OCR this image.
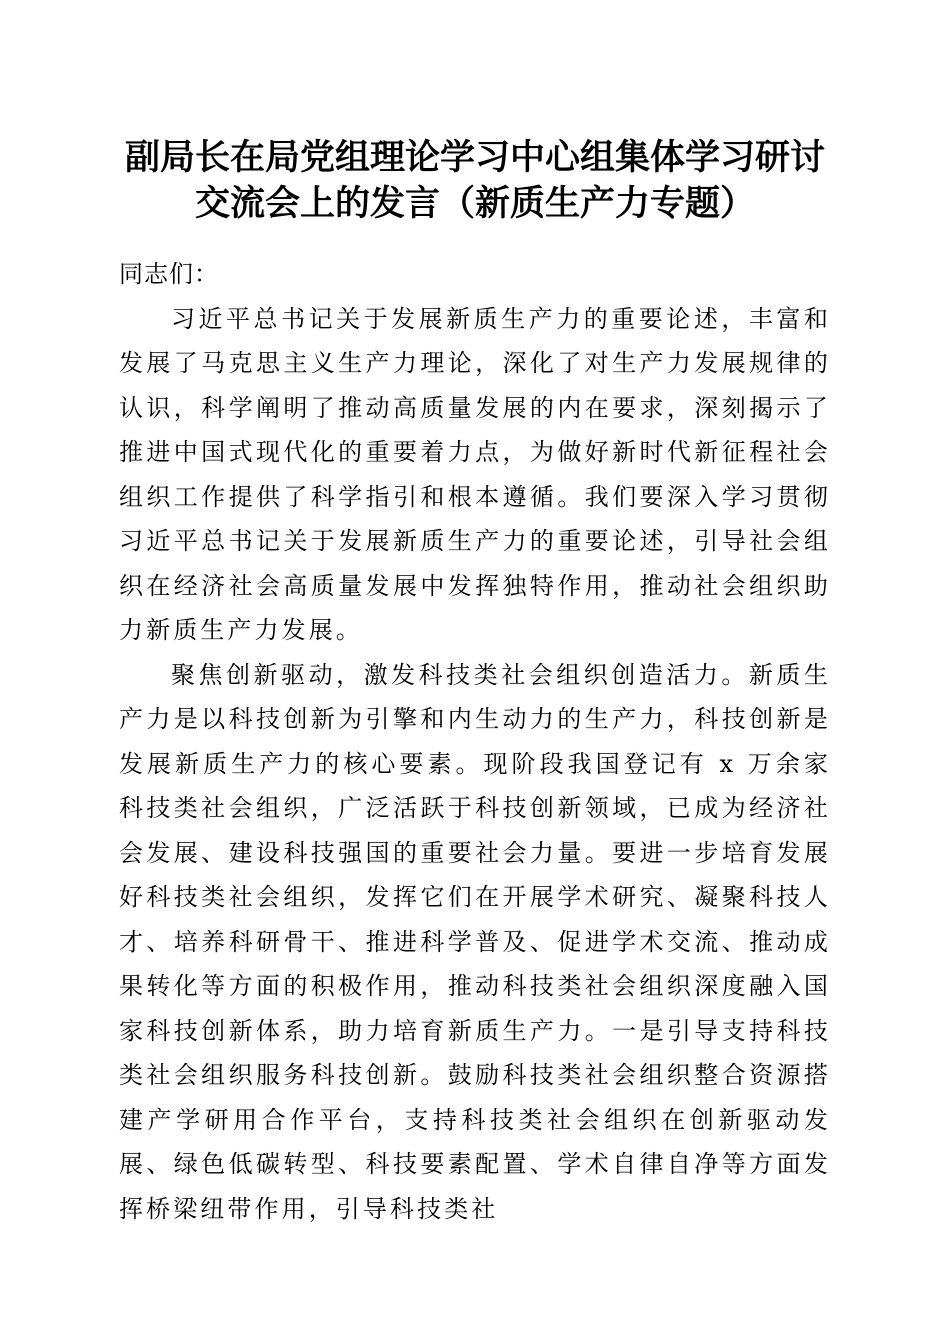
副局长在局党组理论学习中心组集体学习研讨
交流会上的发言（新质生产力专题）

同志们：

习近平总书记关于发展新质生产力的重要论述，丰富和发展了马克思主义生产力理论，深化了对生产力发展规律的认识，科学阐明了推动高质量发展的内在要求，深刻揭示了推进中国式现代化的重要着力点，为做好新时代新征程社会组织工作提供了科学指引和根本遵循。我们要深入学习贯彻习近平总书记关于发展新质生产力的重要论述，引导社会组织在经济社会高质量发展中发挥独特作用，推动社会组织助力新质生产力发展。

聚焦创新驱动，激发科技类社会组织创造活力。新质生产力是以科技创新为引擎和内生动力的生产力，科技创新是发展新质生产力的核心要素。现阶段我国登记有 x 万余家科技类社会组织，广泛活跃于科技创新领域，已成为经济社会发展、建设科技强国的重要社会力量。要进一步培育发展好科技类社会组织，发挥它们在开展学术研究、凝聚科技人才、培养科研骨干、推进科学普及、促进学术交流、推动成果转化等方面的积极作用，推动科技类社会组织深度融入国家科技创新体系，助力培育新质生产力。一是引导支持科技类社会组织服务科技创新。鼓励科技类社会组织整合资源搭建产学研用合作平台，支持科技类社会组织在创新驱动发展、绿色低碳转型、科技要素配置、学术自律自净等方面发挥桥梁纽带作用，引导科技类社
